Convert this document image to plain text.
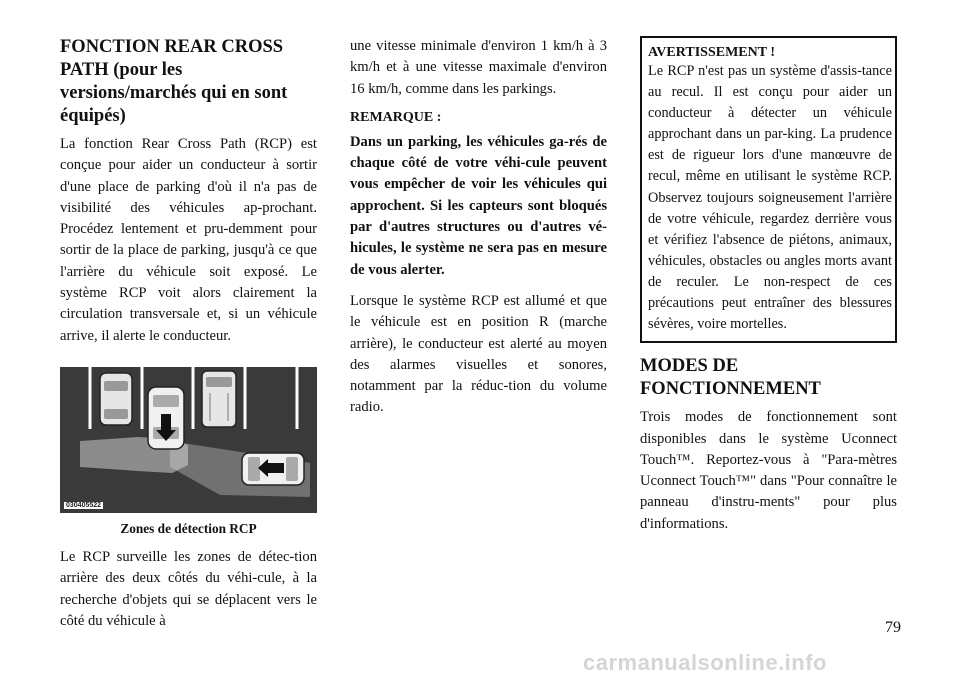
FONCTION REAR CROSS PATH (pour les versions/marchés qui en sont équipés)

La fonction Rear Cross Path (RCP) est conçue pour aider un conducteur à sortir d'une place de parking d'où il n'a pas de visibilité des véhicules ap-prochant. Procédez lentement et pru-demment pour sortir de la place de parking, jusqu'à ce que l'arrière du véhicule soit exposé. Le système RCP voit alors clairement la circulation transversale et, si un véhicule arrive, il alerte le conducteur.

030405522
Zones de détection RCP

Le RCP surveille les zones de détec-tion arrière des deux côtés du véhi-cule, à la recherche d'objets qui se déplacent vers le côté du véhicule à

une vitesse minimale d'environ 1 km/h à 3 km/h et à une vitesse maximale d'environ 16 km/h, comme dans les parkings.

REMARQUE :

Dans un parking, les véhicules ga-rés de chaque côté de votre véhi-cule peuvent vous empêcher de voir les véhicules qui approchent. Si les capteurs sont bloqués par d'autres structures ou d'autres vé-hicules, le système ne sera pas en mesure de vous alerter.

Lorsque le système RCP est allumé et que le véhicule est en position R (marche arrière), le conducteur est alerté au moyen des alarmes visuelles et sonores, notamment par la réduc-tion du volume radio.

AVERTISSEMENT !

Le RCP n'est pas un système d'assis-tance au recul. Il est conçu pour aider un conducteur à détecter un véhicule approchant dans un par-king. La prudence est de rigueur lors d'une manœuvre de recul, même en utilisant le système RCP. Observez toujours soigneusement l'arrière de votre véhicule, regardez derrière vous et vérifiez l'absence de piétons, animaux, véhicules, obstacles ou angles morts avant de reculer. Le non-respect de ces précautions peut entraîner des blessures sévères, voire mortelles.

MODES DE FONCTIONNEMENT

Trois modes de fonctionnement sont disponibles dans le système Uconnect Touch™. Reportez-vous à "Para-mètres Uconnect Touch™" dans "Pour connaître le panneau d'instru-ments" pour plus d'informations.

79
carmanualsonline.info
